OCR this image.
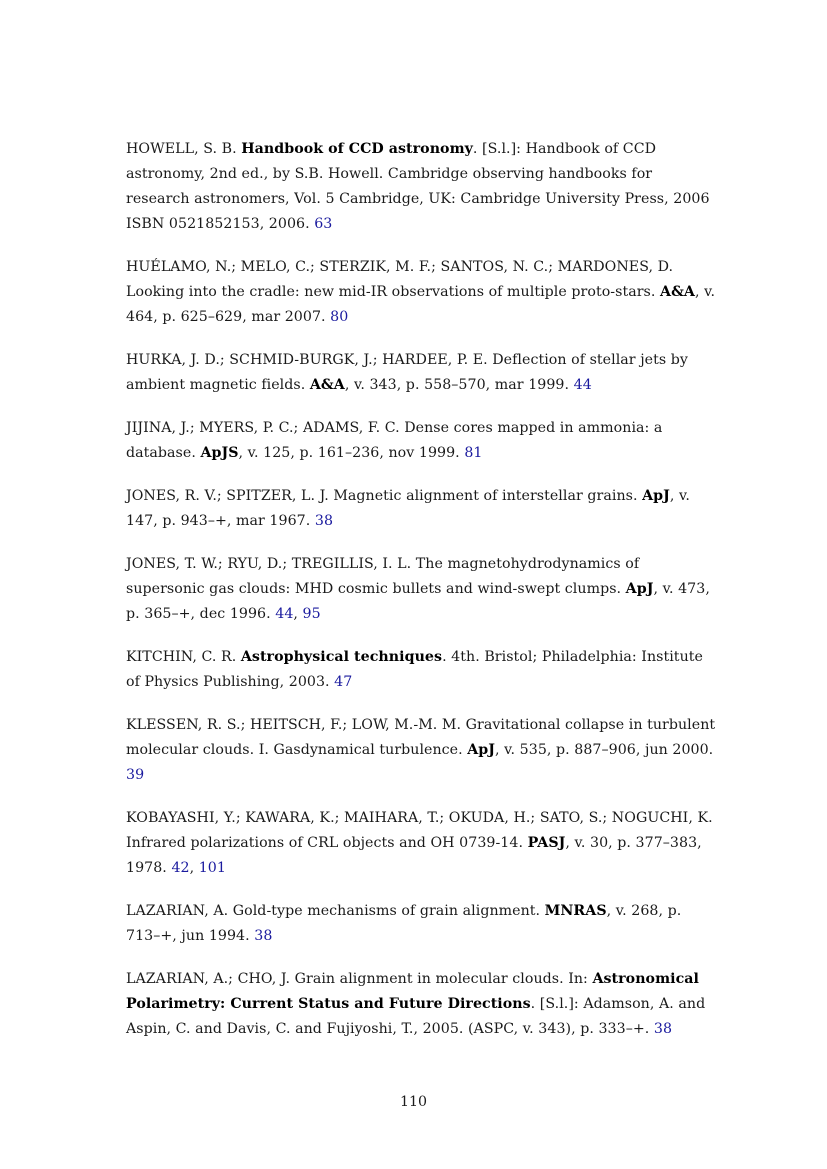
HOWELL, S. B. Handbook of CCD astronomy. [S.l.]: Handbook of CCD astronomy, 2nd ed., by S.B. Howell. Cambridge observing handbooks for research astronomers, Vol. 5 Cambridge, UK: Cambridge University Press, 2006 ISBN 0521852153, 2006. 63

HUÉLAMO, N.; MELO, C.; STERZIK, M. F.; SANTOS, N. C.; MARDONES, D. Looking into the cradle: new mid-IR observations of multiple proto-stars. A&A, v. 464, p. 625–629, mar 2007. 80

HURKA, J. D.; SCHMID-BURGK, J.; HARDEE, P. E. Deflection of stellar jets by ambient magnetic fields. A&A, v. 343, p. 558–570, mar 1999. 44

JIJINA, J.; MYERS, P. C.; ADAMS, F. C. Dense cores mapped in ammonia: a database. ApJS, v. 125, p. 161–236, nov 1999. 81

JONES, R. V.; SPITZER, L. J. Magnetic alignment of interstellar grains. ApJ, v. 147, p. 943–+, mar 1967. 38

JONES, T. W.; RYU, D.; TREGILLIS, I. L. The magnetohydrodynamics of supersonic gas clouds: MHD cosmic bullets and wind-swept clumps. ApJ, v. 473, p. 365–+, dec 1996. 44, 95

KITCHIN, C. R. Astrophysical techniques. 4th. Bristol; Philadelphia: Institute of Physics Publishing, 2003. 47

KLESSEN, R. S.; HEITSCH, F.; LOW, M.-M. M. Gravitational collapse in turbulent molecular clouds. I. Gasdynamical turbulence. ApJ, v. 535, p. 887–906, jun 2000. 39

KOBAYASHI, Y.; KAWARA, K.; MAIHARA, T.; OKUDA, H.; SATO, S.; NOGUCHI, K. Infrared polarizations of CRL objects and OH 0739-14. PASJ, v. 30, p. 377–383, 1978. 42, 101

LAZARIAN, A. Gold-type mechanisms of grain alignment. MNRAS, v. 268, p. 713–+, jun 1994. 38

LAZARIAN, A.; CHO, J. Grain alignment in molecular clouds. In: Astronomical Polarimetry: Current Status and Future Directions. [S.l.]: Adamson, A. and Aspin, C. and Davis, C. and Fujiyoshi, T., 2005. (ASPC, v. 343), p. 333–+. 38

110
